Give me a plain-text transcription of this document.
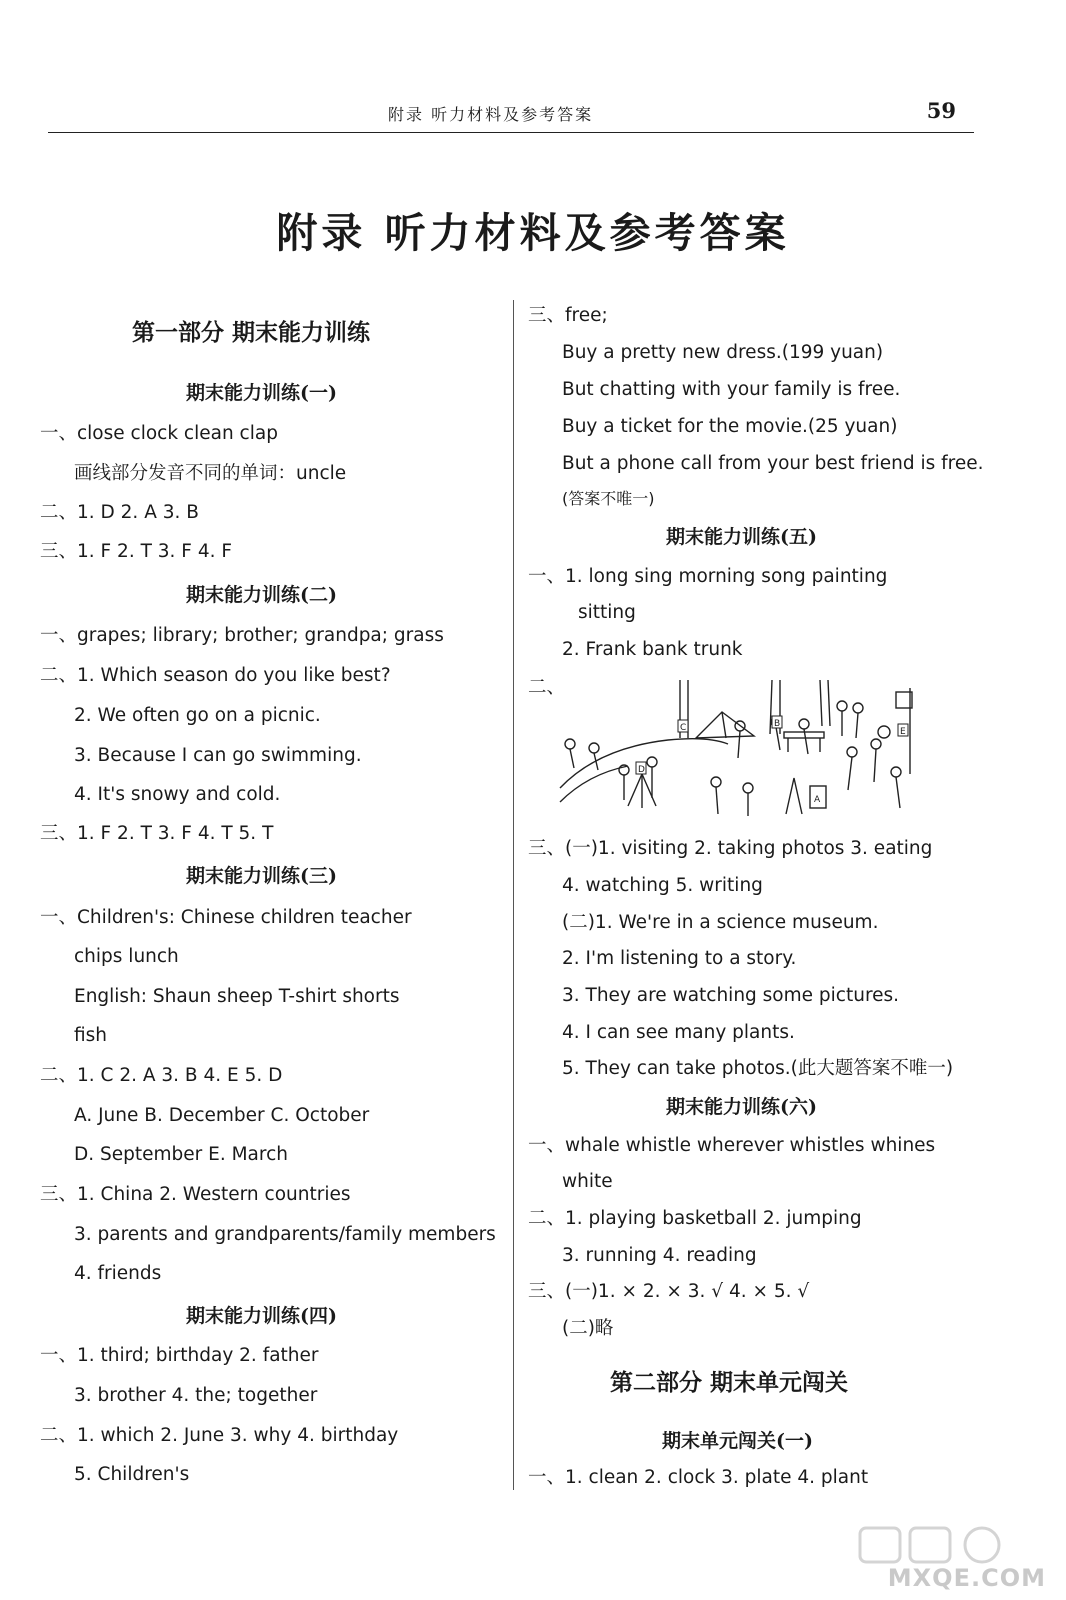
附录 听力材料及参考答案	59
附录 听力材料及参考答案
第一部分 期末能力训练
期末能力训练(一)
一、close clock clean clap
画线部分发音不同的单词：uncle
二、1. D 2. A 3. B
三、1. F 2. T 3. F 4. F
期末能力训练(二)
一、grapes; library; brother; grandpa; grass
二、1. Which season do you like best?
2. We often go on a picnic.
3. Because I can go swimming.
4. It's snowy and cold.
三、1. F 2. T 3. F 4. T 5. T
期末能力训练(三)
一、Children's: Chinese children teacher
chips lunch
English: Shaun sheep T-shirt shorts
fish
二、1. C 2. A 3. B 4. E 5. D
A. June B. December C. October
D. September E. March
三、1. China 2. Western countries
3. parents and grandparents/family members
4. friends
期末能力训练(四)
一、1. third; birthday 2. father
3. brother 4. the; together
二、1. which 2. June 3. why 4. birthday
5. Children's
三、free;
Buy a pretty new dress.(199 yuan)
But chatting with your family is free.
Buy a ticket for the movie.(25 yuan)
But a phone call from your best friend is free.
(答案不唯一)
期末能力训练(五)
一、1. long sing morning song painting
sitting
2. Frank bank trunk
二、
三、(一)1. visiting 2. taking photos 3. eating
4. watching 5. writing
(二)1. We're in a science museum.
2. I'm listening to a story.
3. They are watching some pictures.
4. I can see many plants.
5. They can take photos.(此大题答案不唯一)
期末能力训练(六)
一、whale whistle wherever whistles whines
white
二、1. playing basketball 2. jumping
3. running 4. reading
三、(一)1. × 2. × 3. √ 4. × 5. √
(二)略
第二部分 期末单元闯关
期末单元闯关(一)
一、1. clean 2. clock 3. plate 4. plant
C	B
E
D
A
MXQE.COM
